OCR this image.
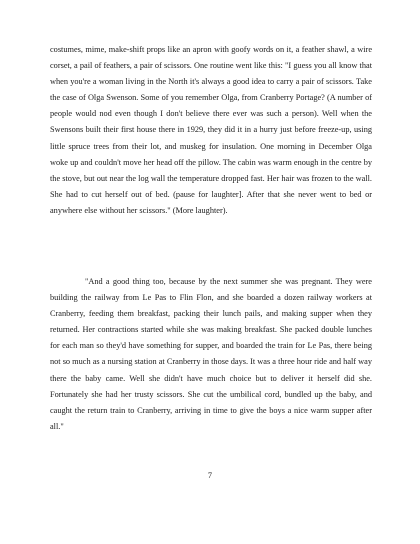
costumes, mime, make-shift props like an apron with goofy words on it, a feather shawl, a wire
corset, a pail of feathers, a pair of scissors. One routine went like this: "I guess you all know that
when you're a woman living in the North it's always a good idea to carry a pair of scissors. Take
the case of Olga Swenson. Some of you remember Olga, from Cranberry Portage? (A number of
people would nod even though I don't believe there ever was such a person). Well when the
Swensons built their first house there in 1929, they did it in a hurry just before freeze-up, using
little spruce trees from their lot, and muskeg for insulation. One morning in December Olga
woke up and couldn't move her head off the pillow. The cabin was warm enough in the centre by
the stove, but out near the log wall the temperature dropped fast. Her hair was frozen to the wall.
She had to cut herself out of bed. (pause for laughter]. After that she never went to bed or
anywhere else without her scissors." (More laughter).
"And a good thing too, because by the next summer she was pregnant. They were
building the railway from Le Pas to Flin Flon, and she boarded a dozen railway workers at
Cranberry, feeding them breakfast, packing their lunch pails, and making supper when they
returned. Her contractions started while she was making breakfast. She packed double lunches
for each man so they'd have something for supper, and boarded the train for Le Pas, there being
not so much as a nursing station at Cranberry in those days. It was a three hour ride and half way
there the baby came. Well she didn't have much choice but to deliver it herself did she.
Fortunately she had her trusty scissors. She cut the umbilical cord, bundled up the baby, and
caught the return train to Cranberry, arriving in time to give the boys a nice warm supper after
all."
7
